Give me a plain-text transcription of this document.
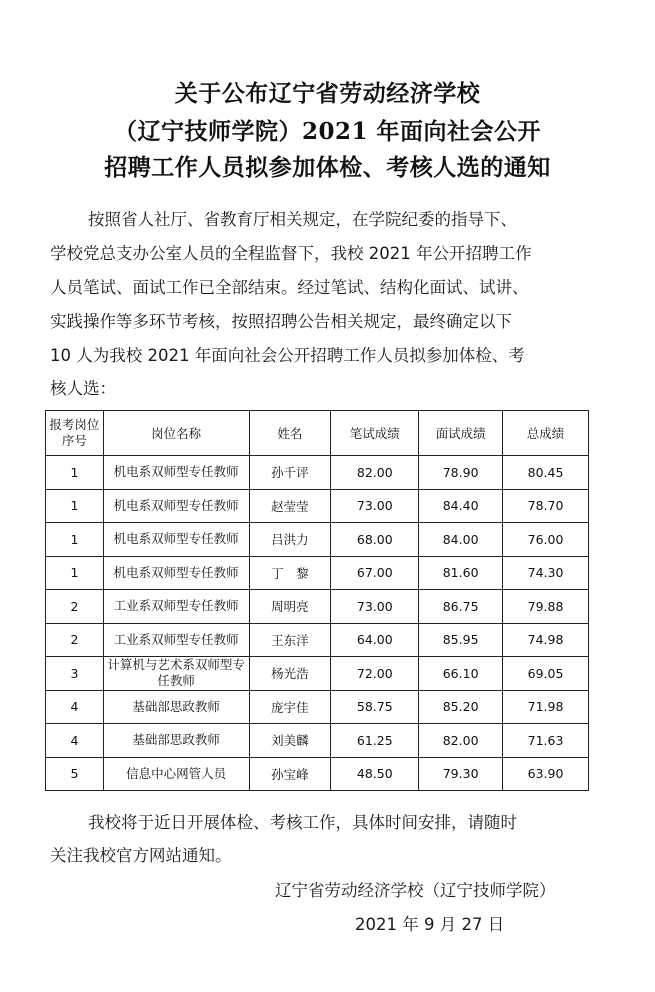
关于公布辽宁省劳动经济学校
（辽宁技师学院）2021 年面向社会公开
招聘工作人员拟参加体检、考核人选的通知
按照省人社厅、省教育厅相关规定，在学院纪委的指导下、
学校党总支办公室人员的全程监督下，我校 2021 年公开招聘工作
人员笔试、面试工作已全部结束。经过笔试、结构化面试、试讲、
实践操作等多环节考核，按照招聘公告相关规定，最终确定以下
10 人为我校 2021 年面向社会公开招聘工作人员拟参加体检、考
核人选：
报考岗位序号	岗位名称	姓名	笔试成绩	面试成绩	总成绩
1	机电系双师型专任教师	孙千评	82.00	78.90	80.45
1	机电系双师型专任教师	赵莹莹	73.00	84.40	78.70
1	机电系双师型专任教师	吕洪力	68.00	84.00	76.00
1	机电系双师型专任教师	丁　黎	67.00	81.60	74.30
2	工业系双师型专任教师	周明亮	73.00	86.75	79.88
2	工业系双师型专任教师	王东洋	64.00	85.95	74.98
3	计算机与艺术系双师型专任教师	杨光浩	72.00	66.10	69.05
4	基础部思政教师	庞宇佳	58.75	85.20	71.98
4	基础部思政教师	刘美麟	61.25	82.00	71.63
5	信息中心网管人员	孙宝峰	48.50	79.30	63.90
我校将于近日开展体检、考核工作，具体时间安排，请随时
关注我校官方网站通知。
辽宁省劳动经济学校（辽宁技师学院）
2021 年 9 月 27 日
